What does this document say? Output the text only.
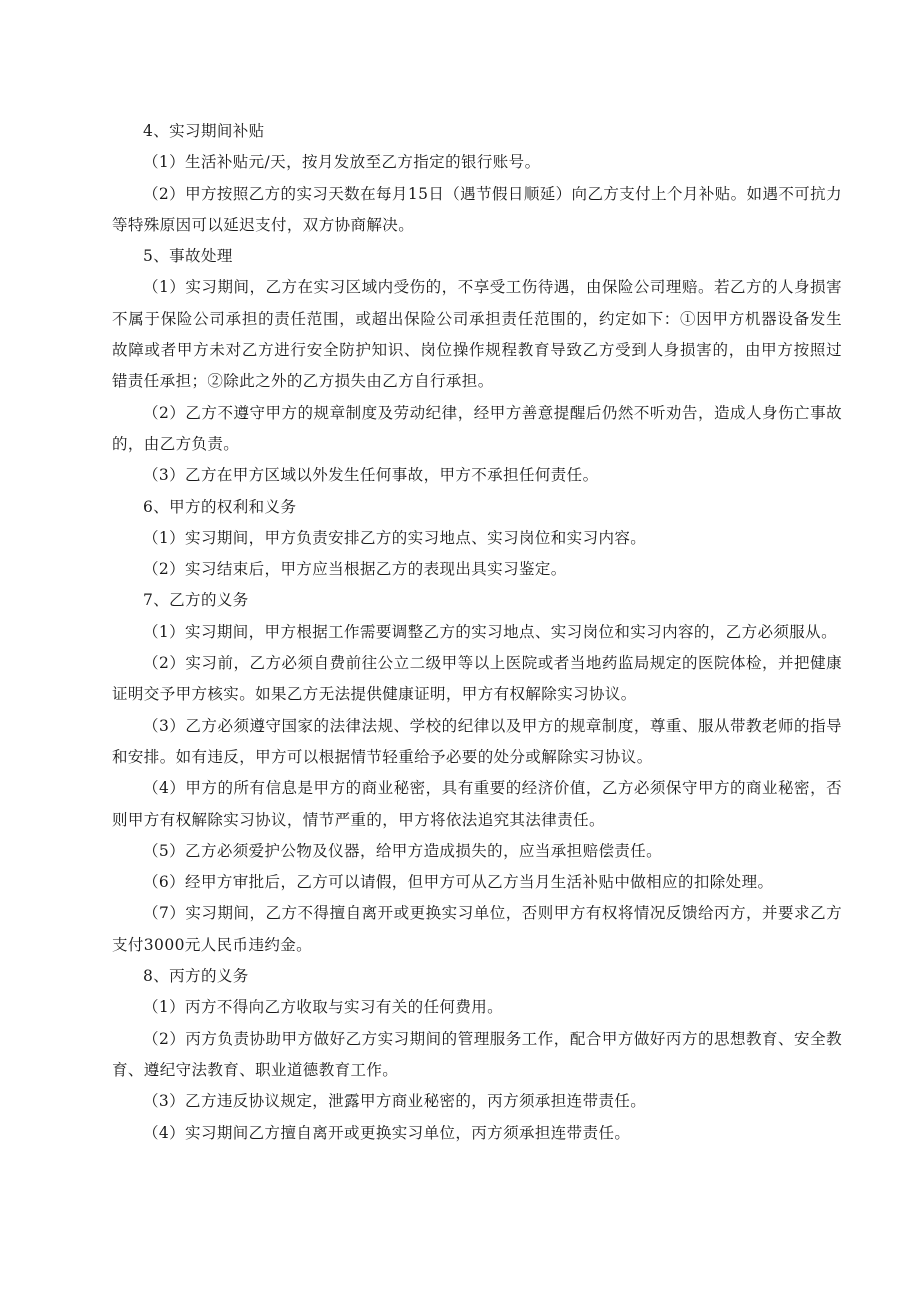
4、实习期间补贴

（1）生活补贴元/天，按月发放至乙方指定的银行账号。

（2）甲方按照乙方的实习天数在每月15日（遇节假日顺延）向乙方支付上个月补贴。如遇不可抗力等特殊原因可以延迟支付，双方协商解决。

5、事故处理

（1）实习期间，乙方在实习区域内受伤的，不享受工伤待遇，由保险公司理赔。若乙方的人身损害不属于保险公司承担的责任范围，或超出保险公司承担责任范围的，约定如下：①因甲方机器设备发生故障或者甲方未对乙方进行安全防护知识、岗位操作规程教育导致乙方受到人身损害的，由甲方按照过错责任承担；②除此之外的乙方损失由乙方自行承担。

（2）乙方不遵守甲方的规章制度及劳动纪律，经甲方善意提醒后仍然不听劝告，造成人身伤亡事故的，由乙方负责。

（3）乙方在甲方区域以外发生任何事故，甲方不承担任何责任。

6、甲方的权利和义务

（1）实习期间，甲方负责安排乙方的实习地点、实习岗位和实习内容。

（2）实习结束后，甲方应当根据乙方的表现出具实习鉴定。

7、乙方的义务

（1）实习期间，甲方根据工作需要调整乙方的实习地点、实习岗位和实习内容的，乙方必须服从。

（2）实习前，乙方必须自费前往公立二级甲等以上医院或者当地药监局规定的医院体检，并把健康证明交予甲方核实。如果乙方无法提供健康证明，甲方有权解除实习协议。

（3）乙方必须遵守国家的法律法规、学校的纪律以及甲方的规章制度，尊重、服从带教老师的指导和安排。如有违反，甲方可以根据情节轻重给予必要的处分或解除实习协议。

（4）甲方的所有信息是甲方的商业秘密，具有重要的经济价值，乙方必须保守甲方的商业秘密，否则甲方有权解除实习协议，情节严重的，甲方将依法追究其法律责任。

（5）乙方必须爱护公物及仪器，给甲方造成损失的，应当承担赔偿责任。

（6）经甲方审批后，乙方可以请假，但甲方可从乙方当月生活补贴中做相应的扣除处理。

（7）实习期间，乙方不得擅自离开或更换实习单位，否则甲方有权将情况反馈给丙方，并要求乙方支付3000元人民币违约金。

8、丙方的义务

（1）丙方不得向乙方收取与实习有关的任何费用。

（2）丙方负责协助甲方做好乙方实习期间的管理服务工作，配合甲方做好丙方的思想教育、安全教育、遵纪守法教育、职业道德教育工作。

（3）乙方违反协议规定，泄露甲方商业秘密的，丙方须承担连带责任。

（4）实习期间乙方擅自离开或更换实习单位，丙方须承担连带责任。
